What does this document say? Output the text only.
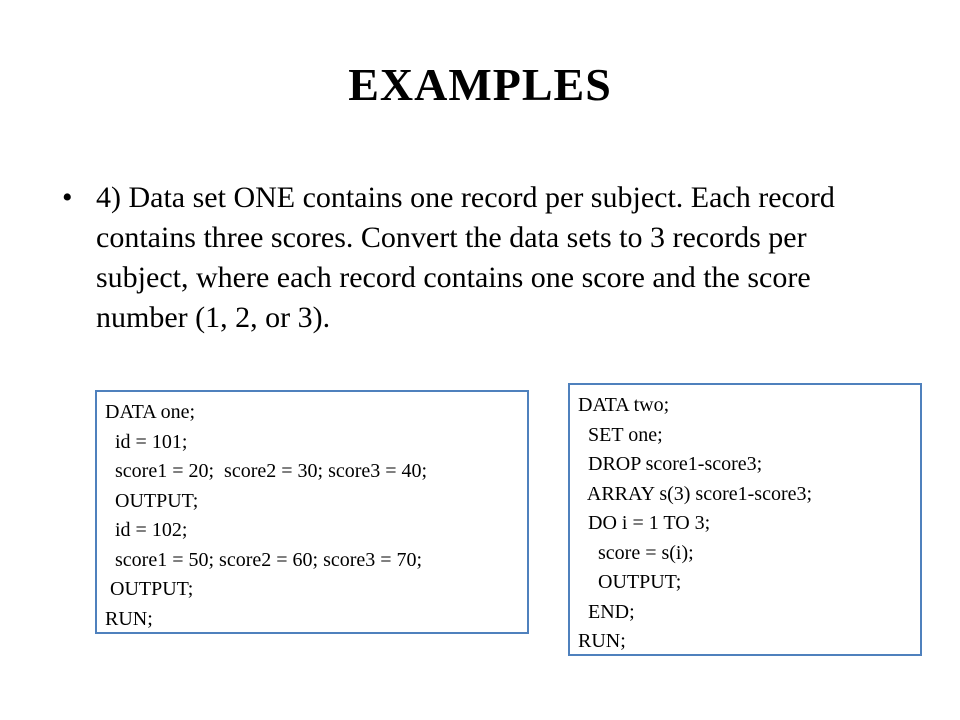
EXAMPLES
• 4) Data set ONE contains one record per subject. Each record contains three scores. Convert the data sets to 3 records per subject, where each record contains one score and the score number (1, 2, or 3).

DATA one;
id = 101;
score1 = 20;  score2 = 30; score3 = 40;
OUTPUT;
id = 102;
score1 = 50; score2 = 60; score3 = 70;
OUTPUT;
RUN;
DATA two;
SET one;
DROP score1-score3;
ARRAY s(3) score1-score3;
DO i = 1 TO 3;
score = s(i);
OUTPUT;
END;
RUN;
